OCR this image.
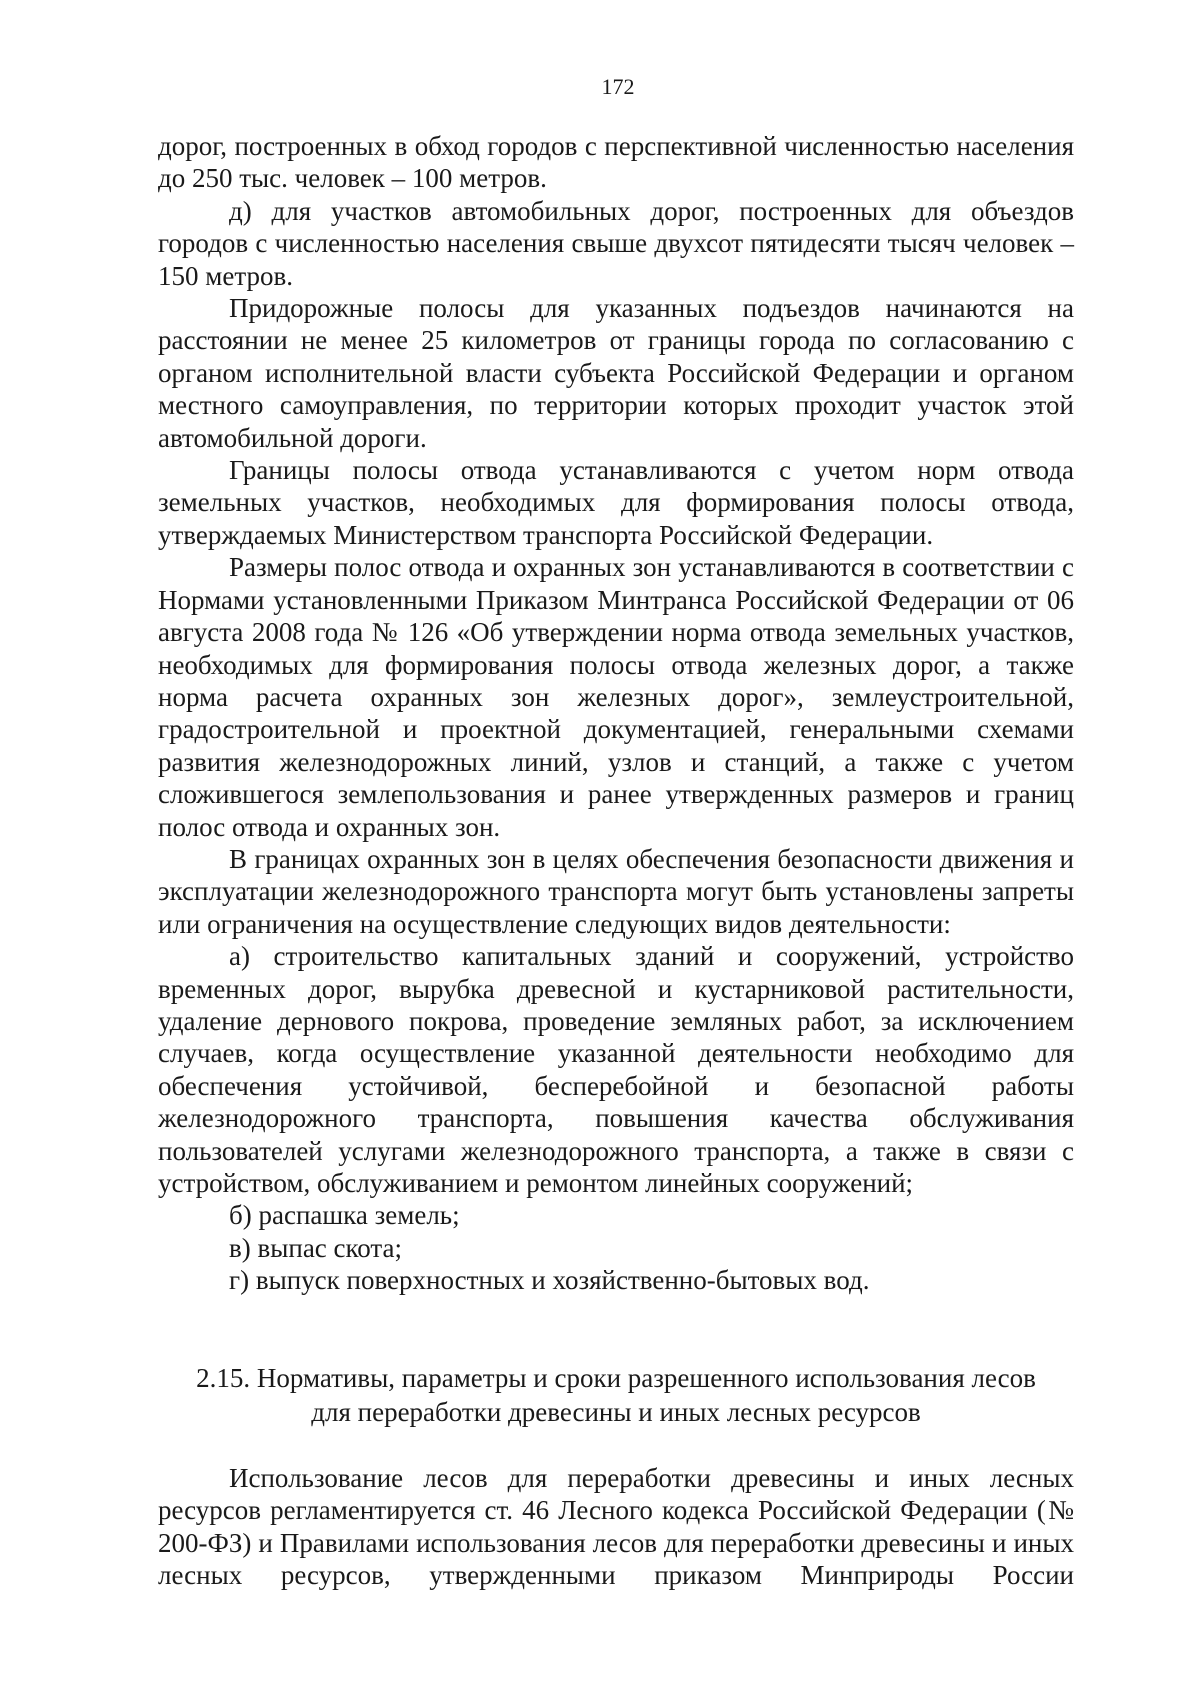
172

дорог, построенных в обход городов с перспективной численностью населения до 250 тыс. человек – 100 метров.

д) для участков автомобильных дорог, построенных для объездов городов с численностью населения свыше двухсот пятидесяти тысяч человек – 150 метров.

Придорожные полосы для указанных подъездов начинаются на расстоянии не менее 25 километров от границы города по согласованию с органом исполнительной власти субъекта Российской Федерации и органом местного самоуправления, по территории которых проходит участок этой автомобильной дороги.

Границы полосы отвода устанавливаются с учетом норм отвода земельных участков, необходимых для формирования полосы отвода, утверждаемых Министерством транспорта Российской Федерации.

Размеры полос отвода и охранных зон устанавливаются в соответствии с Нормами установленными Приказом Минтранса Российской Федерации от 06 августа 2008 года № 126 «Об утверждении норма отвода земельных участков, необходимых для формирования полосы отвода железных дорог, а также норма расчета охранных зон железных дорог», землеустроительной, градостроительной и проектной документацией, генеральными схемами развития железнодорожных линий, узлов и станций, а также с учетом сложившегося землепользования и ранее утвержденных размеров и границ полос отвода и охранных зон.

В границах охранных зон в целях обеспечения безопасности движения и эксплуатации железнодорожного транспорта могут быть установлены запреты или ограничения на осуществление следующих видов деятельности:

а) строительство капитальных зданий и сооружений, устройство временных дорог, вырубка древесной и кустарниковой растительности, удаление дернового покрова, проведение земляных работ, за исключением случаев, когда осуществление указанной деятельности необходимо для обеспечения устойчивой, бесперебойной и безопасной работы железнодорожного транспорта, повышения качества обслуживания пользователей услугами железнодорожного транспорта, а также в связи с устройством, обслуживанием и ремонтом линейных сооружений;

б) распашка земель;

в) выпас скота;

г) выпуск поверхностных и хозяйственно-бытовых вод.

2.15. Нормативы, параметры и сроки разрешенного использования лесов
для переработки древесины и иных лесных ресурсов

Использование лесов для переработки древесины и иных лесных ресурсов регламентируется ст. 46 Лесного кодекса Российской Федерации (№ 200-ФЗ) и Правилами использования лесов для переработки древесины и иных лесных ресурсов, утвержденными приказом Минприроды России
